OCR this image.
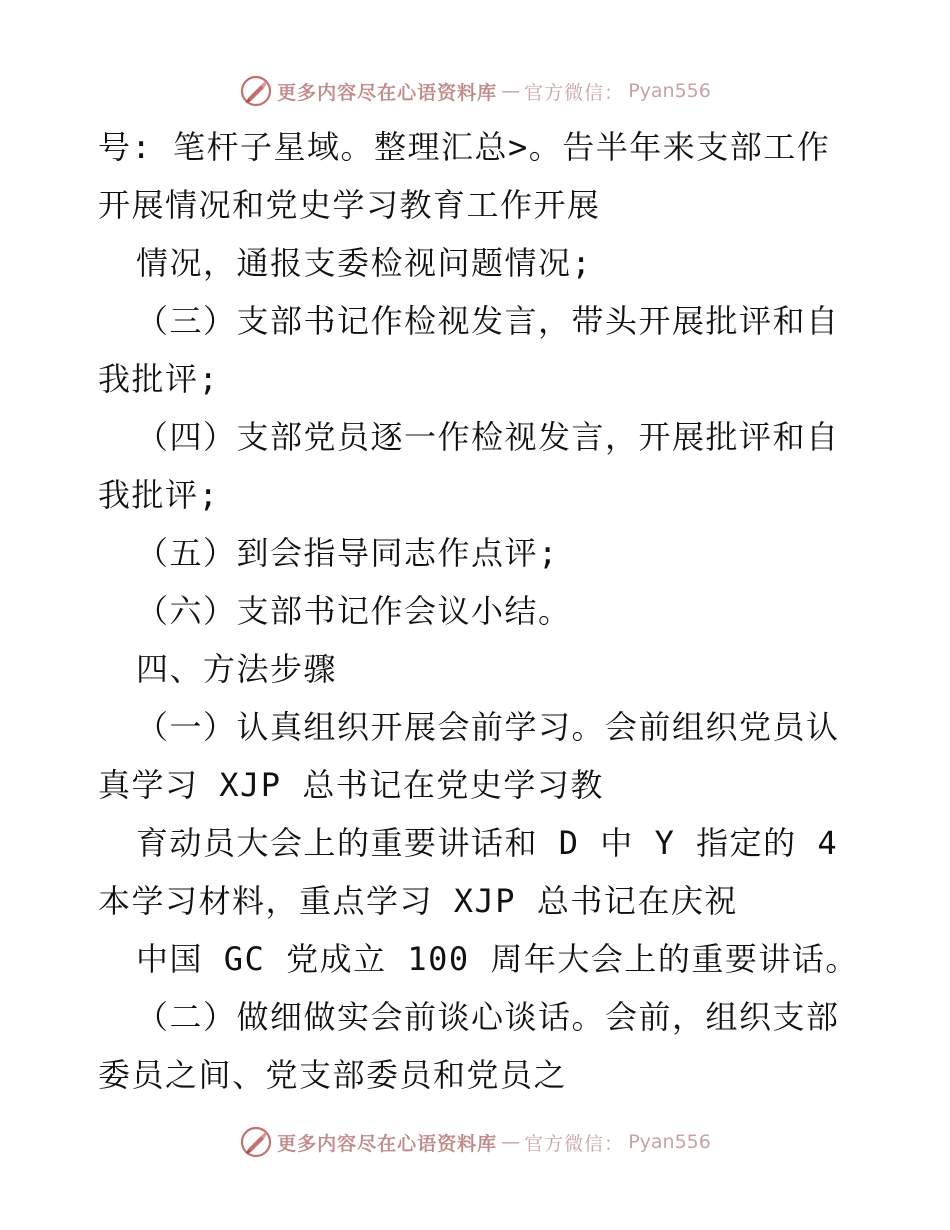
更多内容尽在心语资料库 — 官方微信： Pyan556
号: 笔杆子星域。整理汇总>。告半年来支部工作
开展情况和党史学习教育工作开展
情况，通报支委检视问题情况;
（三）支部书记作检视发言，带头开展批评和自
我批评;
（四）支部党员逐一作检视发言，开展批评和自
我批评;
（五）到会指导同志作点评;
（六）支部书记作会议小结。
四、方法步骤
（一）认真组织开展会前学习。会前组织党员认
真学习 XJP 总书记在党史学习教
育动员大会上的重要讲话和 D 中 Y 指定的 4
本学习材料，重点学习 XJP 总书记在庆祝
中国 GC 党成立 100 周年大会上的重要讲话。
（二）做细做实会前谈心谈话。会前，组织支部
委员之间、党支部委员和党员之
更多内容尽在心语资料库 — 官方微信： Pyan556
